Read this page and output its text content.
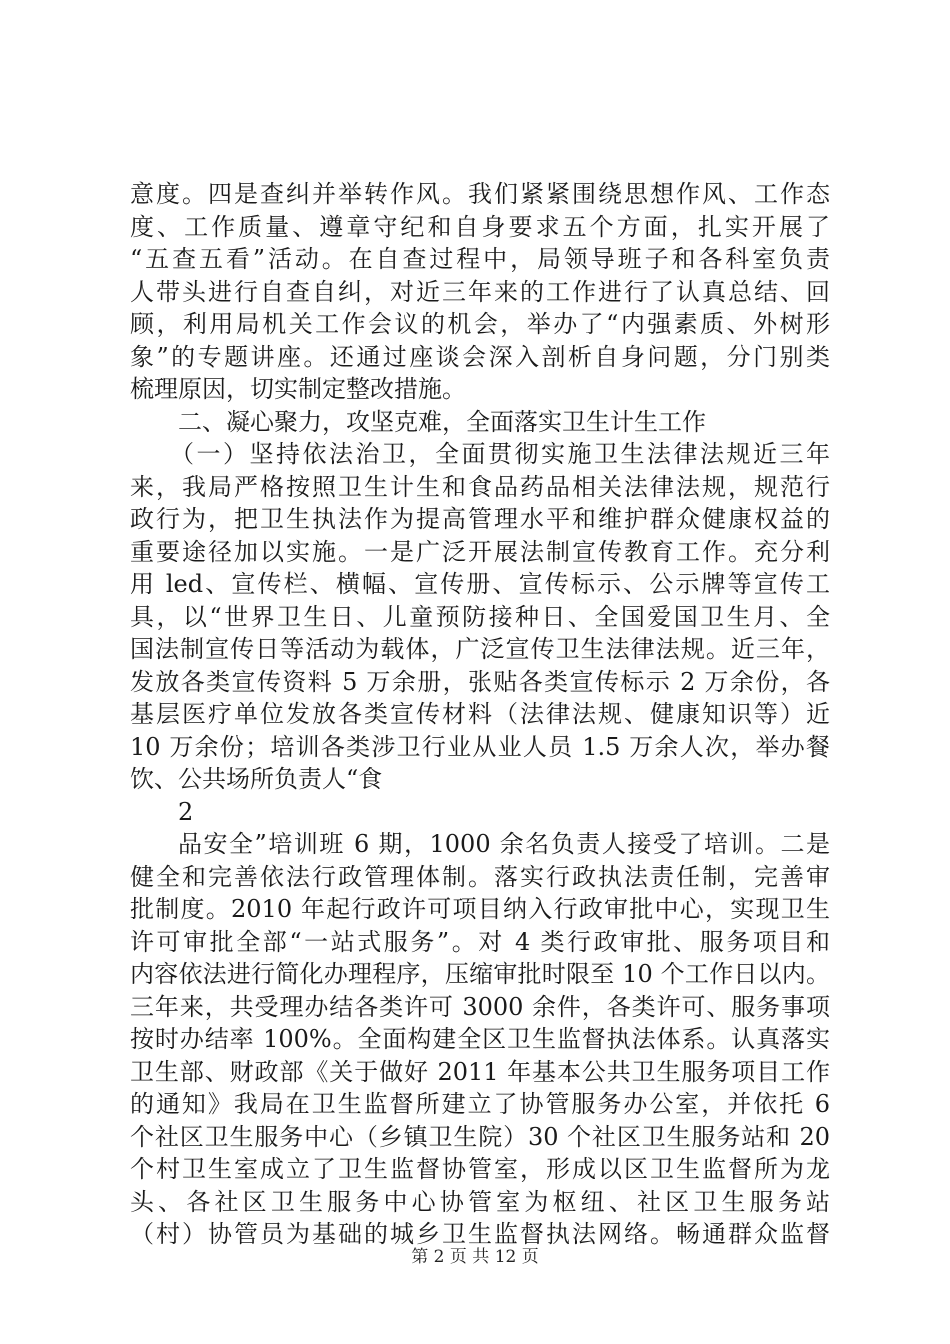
意度。四是查纠并举转作风。我们紧紧围绕思想作风、工作态
度、工作质量、遵章守纪和自身要求五个方面，扎实开展了
“五查五看”活动。在自查过程中，局领导班子和各科室负责
人带头进行自查自纠，对近三年来的工作进行了认真总结、回
顾，利用局机关工作会议的机会，举办了“内强素质、外树形
象”的专题讲座。还通过座谈会深入剖析自身问题，分门别类
梳理原因，切实制定整改措施。
二、凝心聚力，攻坚克难，全面落实卫生计生工作
（一）坚持依法治卫，全面贯彻实施卫生法律法规近三年
来，我局严格按照卫生计生和食品药品相关法律法规，规范行
政行为，把卫生执法作为提高管理水平和维护群众健康权益的
重要途径加以实施。一是广泛开展法制宣传教育工作。充分利
用 led、宣传栏、横幅、宣传册、宣传标示、公示牌等宣传工
具，以“世界卫生日、儿童预防接种日、全国爱国卫生月、全
国法制宣传日等活动为载体，广泛宣传卫生法律法规。近三年，
发放各类宣传资料 5 万余册，张贴各类宣传标示 2 万余份，各
基层医疗单位发放各类宣传材料（法律法规、健康知识等）近
10 万余份；培训各类涉卫行业从业人员 1.5 万余人次，举办餐
饮、公共场所负责人“食
2
品安全”培训班 6 期，1000 余名负责人接受了培训。二是
健全和完善依法行政管理体制。落实行政执法责任制，完善审
批制度。2010 年起行政许可项目纳入行政审批中心，实现卫生
许可审批全部“一站式服务”。对 4 类行政审批、服务项目和
内容依法进行简化办理程序，压缩审批时限至 10 个工作日以内。
三年来，共受理办结各类许可 3000 余件，各类许可、服务事项
按时办结率 100%。全面构建全区卫生监督执法体系。认真落实
卫生部、财政部《关于做好 2011 年基本公共卫生服务项目工作
的通知》我局在卫生监督所建立了协管服务办公室，并依托 6
个社区卫生服务中心（乡镇卫生院）30 个社区卫生服务站和 20
个村卫生室成立了卫生监督协管室，形成以区卫生监督所为龙
头、各社区卫生服务中心协管室为枢纽、社区卫生服务站
（村）协管员为基础的城乡卫生监督执法网络。畅通群众监督
第 2 页 共 12 页
